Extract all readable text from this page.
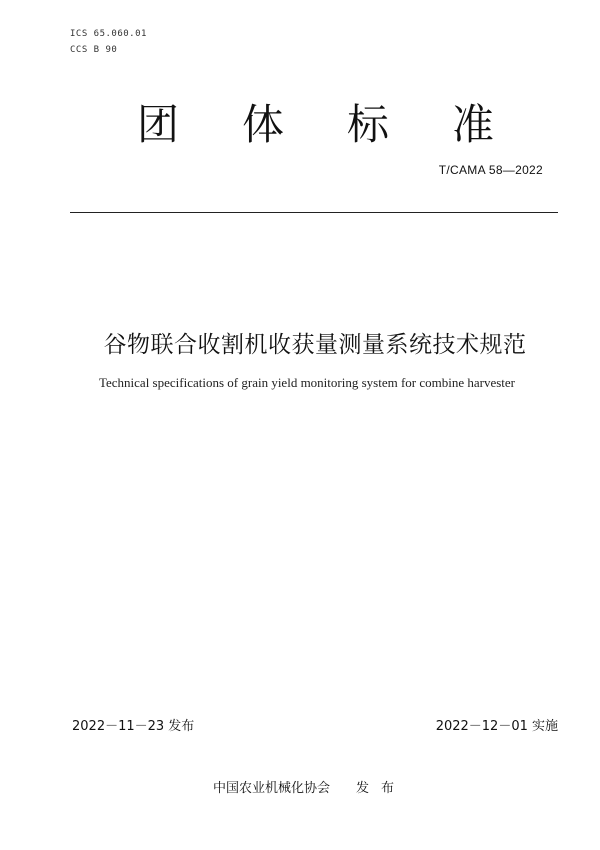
ICS 65.060.01
CCS B 90
团 体 标 准
T/CAMA 58—2022
谷物联合收割机收获量测量系统技术规范
Technical specifications of grain yield monitoring system for combine harvester
2022－11－23 发布	2022－12－01 实施
中国农业机械化协会 发布
